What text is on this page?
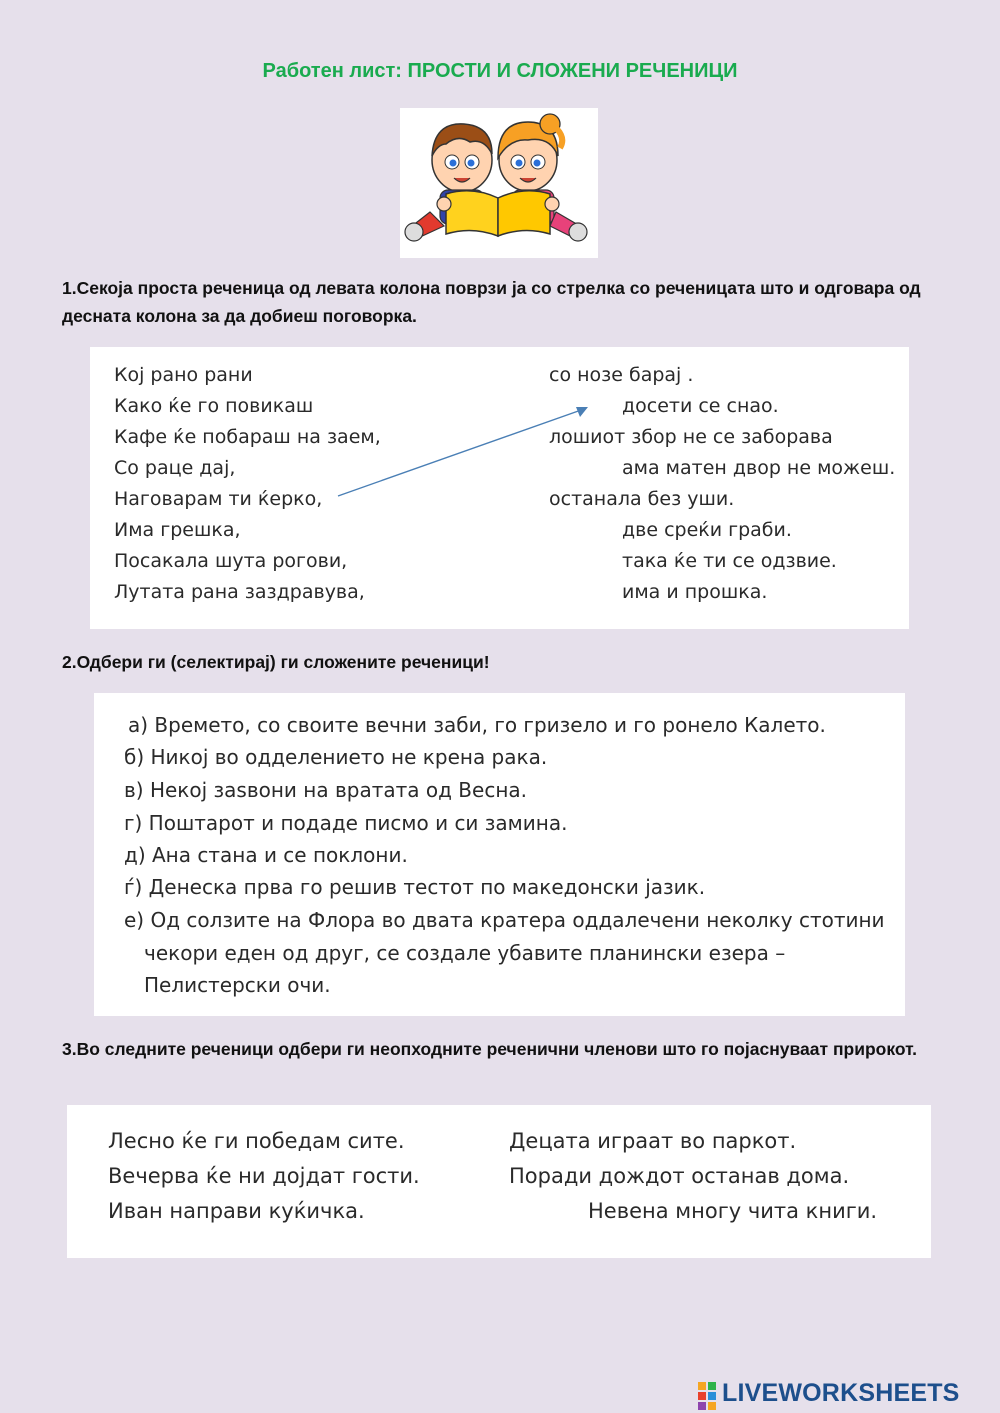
Работен лист: ПРОСТИ И СЛОЖЕНИ РЕЧЕНИЦИ
1.Секоја проста реченица од левата колона поврзи ја со стрелка со реченицата што и одговара од десната колона за да добиеш поговорка.
Кој рано рани
Како ќе го повикаш
Кафе ќе побараш на заем,
Со раце дај,
Наговарам ти ќерко,
Има грешка,
Посакала шута рогови,
Лутата рана заздравува,
со нозе барај .
досети се снао.
лошиот збор не се заборава
ама матен двор не можеш.
останала без уши.
две среќи граби.
така ќе ти се одзвие.
има и прошка.
2.Одбери ги (селектирај) ги сложените реченици!
а) Времето, со своите вечни заби, го гризело и го ронело Калето.
б) Никој во одделението не крена рака.
в) Некој заѕвони на вратата од Весна.
г) Поштарот и подаде писмо и си замина.
д) Ана стана и се поклони.
ѓ) Денеска прва го решив тестот по македонски јазик.
е) Од солзите на Флора во двата кратера оддалечени неколку стотини
чекори еден од друг, се создале убавите планински езера –
Пелистерски очи.
3.Во следните реченици одбери ги неопходните реченични членови што го појаснуваат прирокот.
Лесно ќе ги победам сите.
Вечерва ќе ни дојдат гости.
Иван направи куќичка.
Децата играат во паркот.
Поради дождот останав дома.
Невена многу чита книги.
LIVEWORKSHEETS
